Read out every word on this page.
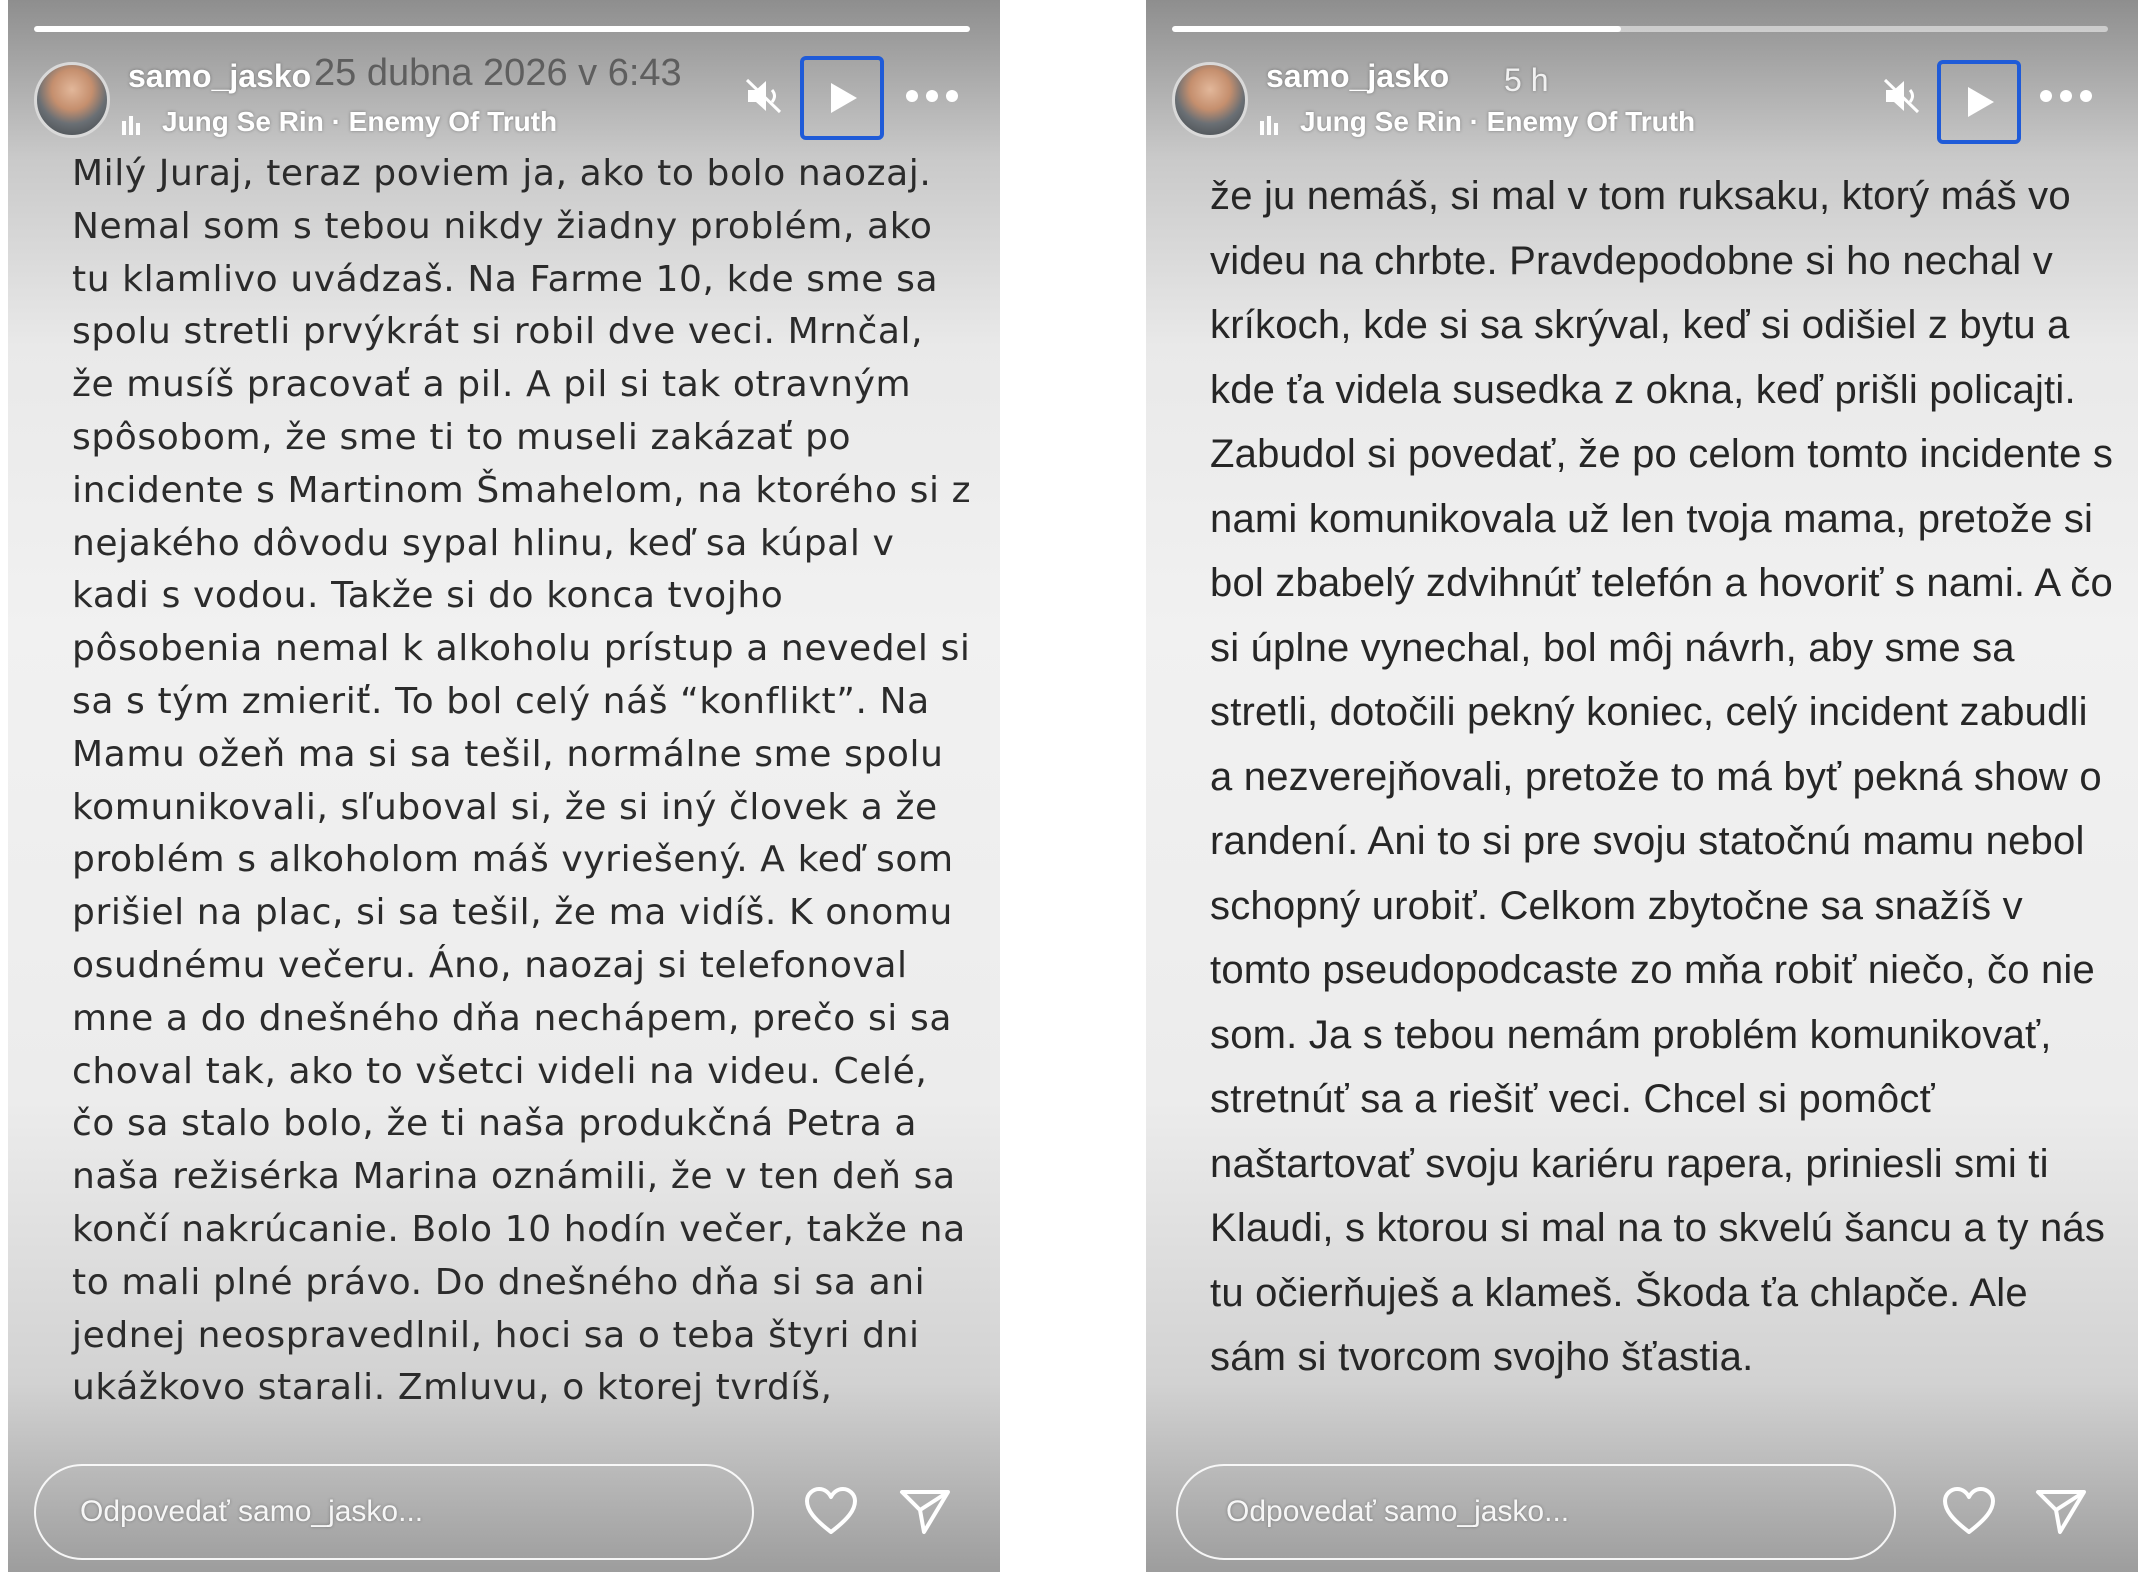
samo_jasko 25 dubna 2026 v 6:43
Jung Se Rin · Enemy Of Truth
Milý Juraj, teraz poviem ja, ako to bolo naozaj. Nemal som s tebou nikdy žiadny problém, ako tu klamlivo uvádzaš. Na Farme 10, kde sme sa spolu stretli prvýkrát si robil dve veci. Mrnčal, že musíš pracovať a pil. A pil si tak otravným spôsobom, že sme ti to museli zakázať po incidente s Martinom Šmahelom, na ktorého si z nejakého dôvodu sypal hlinu, keď sa kúpal v kadi s vodou. Takže si do konca tvojho pôsobenia nemal k alkoholu prístup a nevedel si sa s tým zmieriť. To bol celý náš “konflikt”. Na Mamu ožeň ma si sa tešil, normálne sme spolu komunikovali, sľuboval si, že si iný človek a že problém s alkoholom máš vyriešený. A keď som prišiel na plac, si sa tešil, že ma vidíš. K onomu osudnému večeru. Áno, naozaj si telefonoval mne a do dnešného dňa nechápem, prečo si sa choval tak, ako to všetci videli na videu. Celé, čo sa stalo bolo, že ti naša produkčná Petra a naša režisérka Marina oznámili, že v ten deň sa končí nakrúcanie. Bolo 10 hodín večer, takže na to mali plné právo. Do dnešného dňa si sa ani jednej neospravedlnil, hoci sa o teba štyri dni ukážkovo starali. Zmluvu, o ktorej tvrdíš,
Odpovedať samo_jasko...
samo_jasko 5 h
Jung Se Rin · Enemy Of Truth
že ju nemáš, si mal v tom ruksaku, ktorý máš vo videu na chrbte. Pravdepodobne si ho nechal v kríkoch, kde si sa skrýval, keď si odišiel z bytu a kde ťa videla susedka z okna, keď prišli policajti. Zabudol si povedať, že po celom tomto incidente s nami komunikovala už len tvoja mama, pretože si bol zbabelý zdvihnúť telefón a hovoriť s nami. A čo si úplne vynechal, bol môj návrh, aby sme sa stretli, dotočili pekný koniec, celý incident zabudli a nezverejňovali, pretože to má byť pekná show o randení. Ani to si pre svoju statočnú mamu nebol schopný urobiť. Celkom zbytočne sa snažíš v tomto pseudopodcaste zo mňa robiť niečo, čo nie som. Ja s tebou nemám problém komunikovať, stretnúť sa a riešiť veci. Chcel si pomôcť naštartovať svoju kariéru rapera, priniesli smi ti Klaudi, s ktorou si mal na to skvelú šancu a ty nás tu očierňuješ a klameš. Škoda ťa chlapče. Ale sám si tvorcom svojho šťastia.
Odpovedať samo_jasko...
